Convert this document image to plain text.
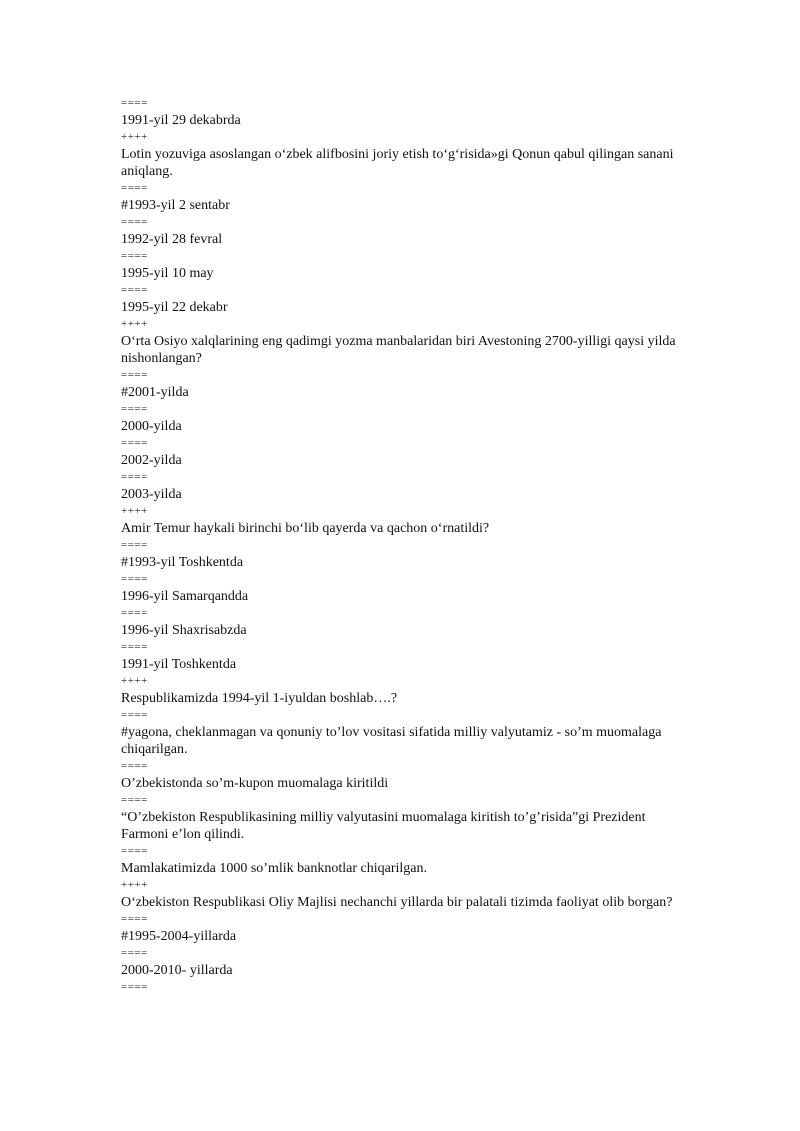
====

1991-yil 29 dekabrda

++++

Lotin yozuviga asoslangan o‘zbek alifbosini joriy etish to‘g‘risida»gi Qonun qabul qilingan sanani aniqlang.

====

#1993-yil 2 sentabr

====

1992-yil 28 fevral

====

1995-yil 10 may

====

1995-yil 22 dekabr

++++

O‘rta Osiyo xalqlarining eng qadimgi yozma manbalaridan biri Avestoning 2700-yilligi qaysi yilda nishonlangan?

====

#2001-yilda

====

2000-yilda

====

2002-yilda

====

2003-yilda

++++

Amir Temur haykali birinchi bo‘lib qayerda va qachon o‘rnatildi?

====

#1993-yil Toshkentda

====

1996-yil Samarqandda

====

1996-yil Shaxrisabzda

====

1991-yil Toshkentda

++++

Respublikamizda 1994-yil 1-iyuldan boshlab….?

====

#yagona, cheklanmagan va qonuniy to’lov vositasi sifatida milliy valyutamiz - so’m muomalaga chiqarilgan.

====

O’zbekistonda so’m-kupon muomalaga kiritildi

====

“O’zbekiston Respublikasining milliy valyutasini muomalaga kiritish to’g’risida”gi Prezident Farmoni e’lon qilindi.

====

Mamlakatimizda 1000 so’mlik banknotlar chiqarilgan.

++++

O‘zbekiston Respublikasi Oliy Majlisi nechanchi yillarda bir palatali tizimda faoliyat olib borgan?

====

#1995-2004-yillarda

====

2000-2010- yillarda

====
